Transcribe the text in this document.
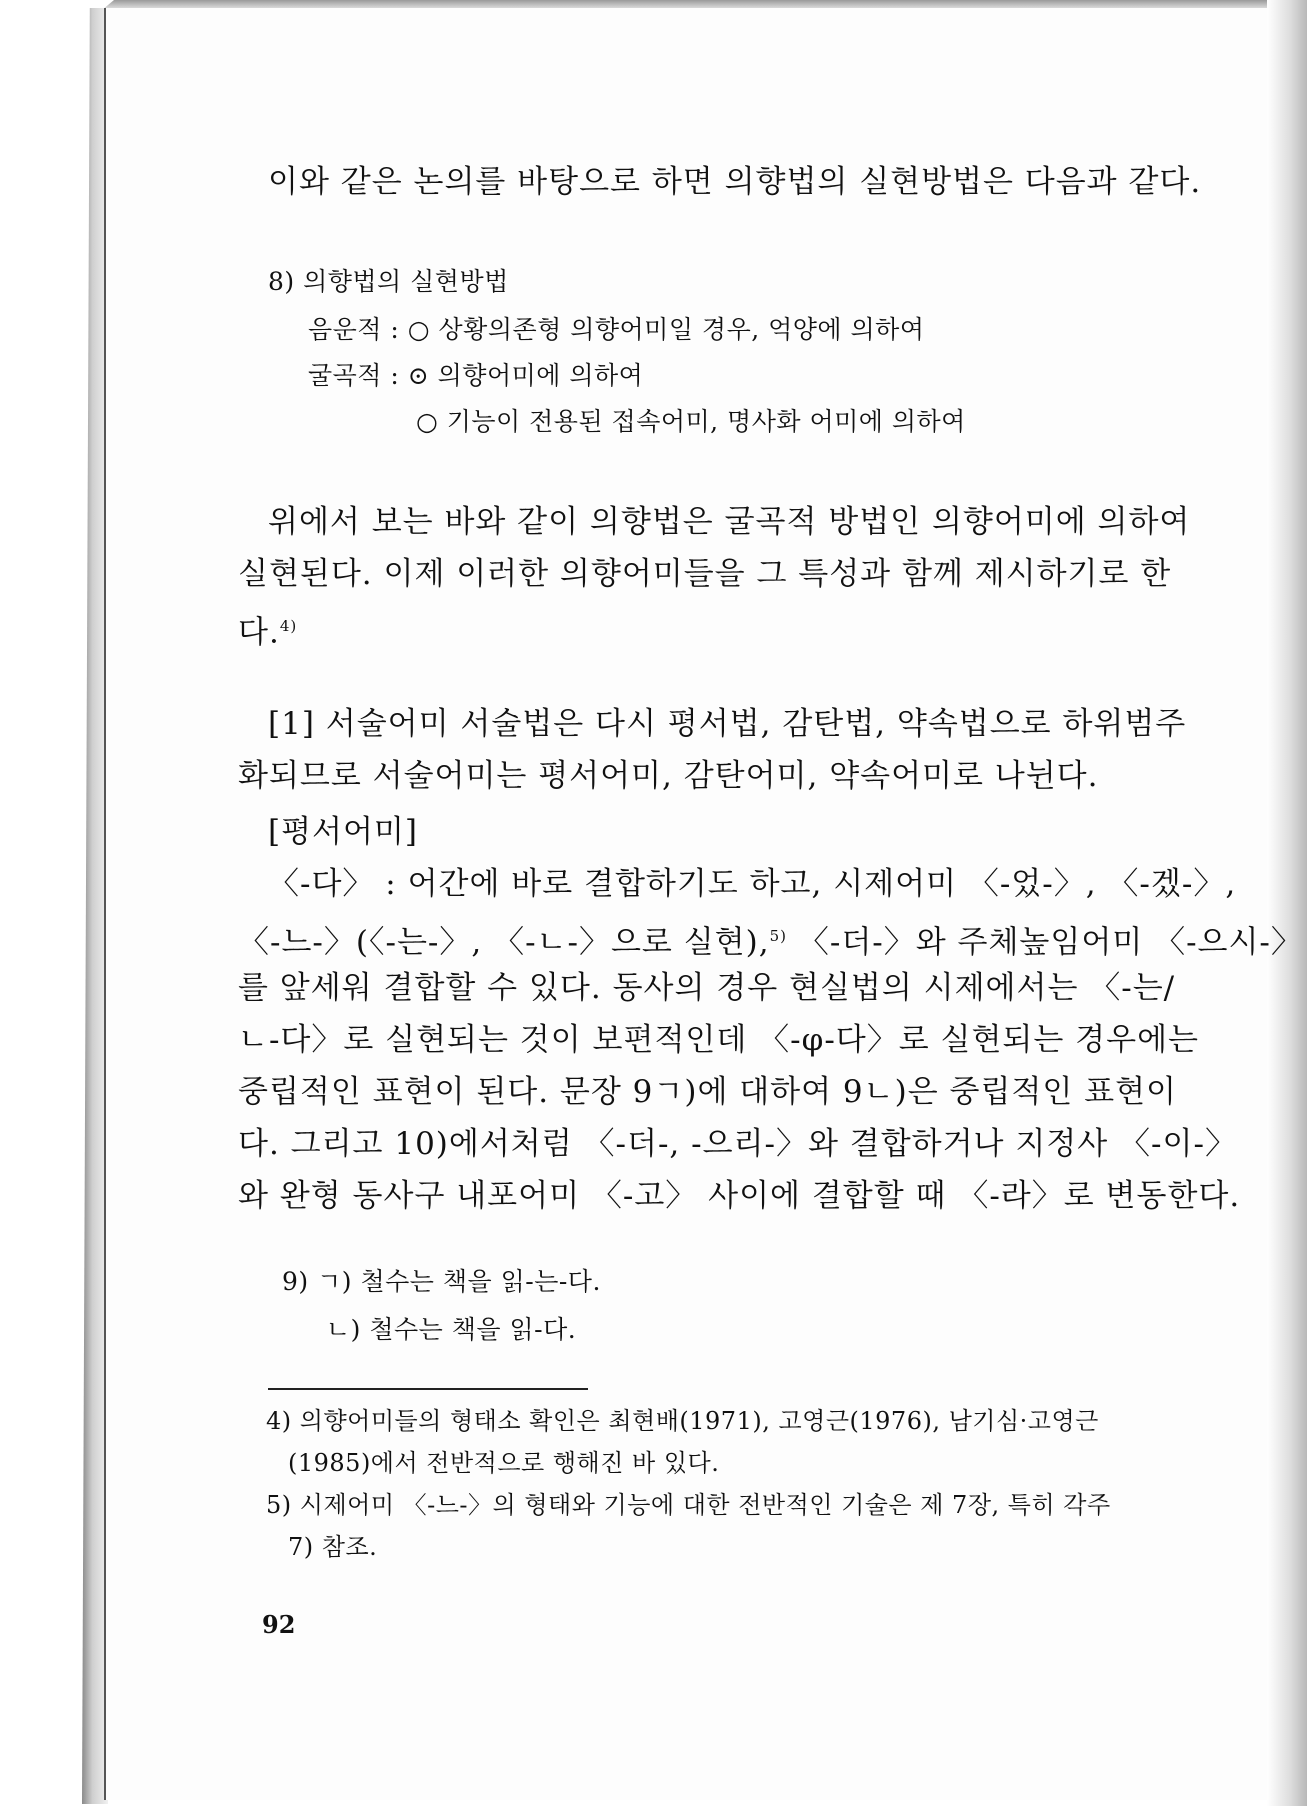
이와 같은 논의를 바탕으로 하면 의향법의 실현방법은 다음과 같다.
8) 의향법의 실현방법
음운적 : ○ 상황의존형 의향어미일 경우, 억양에 의하여
굴곡적 : ⊙ 의향어미에 의하여
○ 기능이 전용된 접속어미, 명사화 어미에 의하여
위에서 보는 바와 같이 의향법은 굴곡적 방법인 의향어미에 의하여
실현된다. 이제 이러한 의향어미들을 그 특성과 함께 제시하기로 한
다.$^{4)}$
[1] 서술어미 서술법은 다시 평서법, 감탄법, 약속법으로 하위범주
화되므로 서술어미는 평서어미, 감탄어미, 약속어미로 나뉜다.
[평서어미]
〈-다〉 : 어간에 바로 결합하기도 하고, 시제어미 〈-었-〉, 〈-겠-〉,
〈-느-〉(〈-는-〉, 〈-ㄴ-〉으로 실현),$^{5)}$ 〈-더-〉와 주체높임어미 〈-으시-〉
를 앞세워 결합할 수 있다. 동사의 경우 현실법의 시제에서는 〈-는/
ㄴ-다〉로 실현되는 것이 보편적인데 〈-φ-다〉로 실현되는 경우에는
중립적인 표현이 된다. 문장 9ㄱ)에 대하여 9ㄴ)은 중립적인 표현이
다. 그리고 10)에서처럼 〈-더-, -으리-〉와 결합하거나 지정사 〈-이-〉
와 완형 동사구 내포어미 〈-고〉 사이에 결합할 때 〈-라〉로 변동한다.
9) ㄱ) 철수는 책을 읽-는-다.
ㄴ) 철수는 책을 읽-다.
4) 의향어미들의 형태소 확인은 최현배(1971), 고영근(1976), 남기심·고영근
(1985)에서 전반적으로 행해진 바 있다.
5) 시제어미 〈-느-〉의 형태와 기능에 대한 전반적인 기술은 제 7장, 특히 각주
7) 참조.
92
